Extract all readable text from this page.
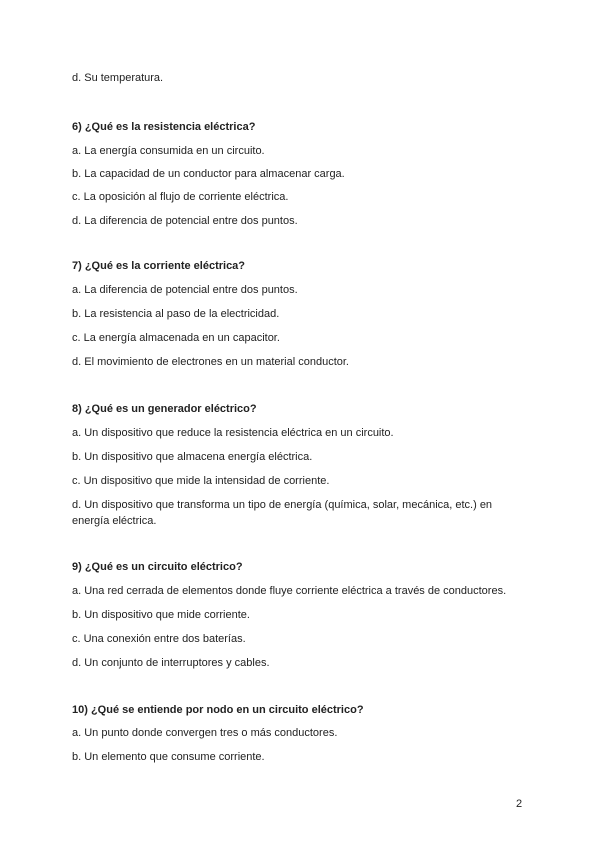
d. Su temperatura.
6) ¿Qué es la resistencia eléctrica?
a. La energía consumida en un circuito.
b. La capacidad de un conductor para almacenar carga.
c. La oposición al flujo de corriente eléctrica.
d. La diferencia de potencial entre dos puntos.
7) ¿Qué es la corriente eléctrica?
a. La diferencia de potencial entre dos puntos.
b. La resistencia al paso de la electricidad.
c. La energía almacenada en un capacitor.
d. El movimiento de electrones en un material conductor.
8) ¿Qué es un generador eléctrico?
a. Un dispositivo que reduce la resistencia eléctrica en un circuito.
b. Un dispositivo que almacena energía eléctrica.
c. Un dispositivo que mide la intensidad de corriente.
d. Un dispositivo que transforma un tipo de energía (química, solar, mecánica, etc.) en energía eléctrica.
9) ¿Qué es un circuito eléctrico?
a. Una red cerrada de elementos donde fluye corriente eléctrica a través de conductores.
b. Un dispositivo que mide corriente.
c. Una conexión entre dos baterías.
d. Un conjunto de interruptores y cables.
10) ¿Qué se entiende por nodo en un circuito eléctrico?
a. Un punto donde convergen tres o más conductores.
b. Un elemento que consume corriente.
2
